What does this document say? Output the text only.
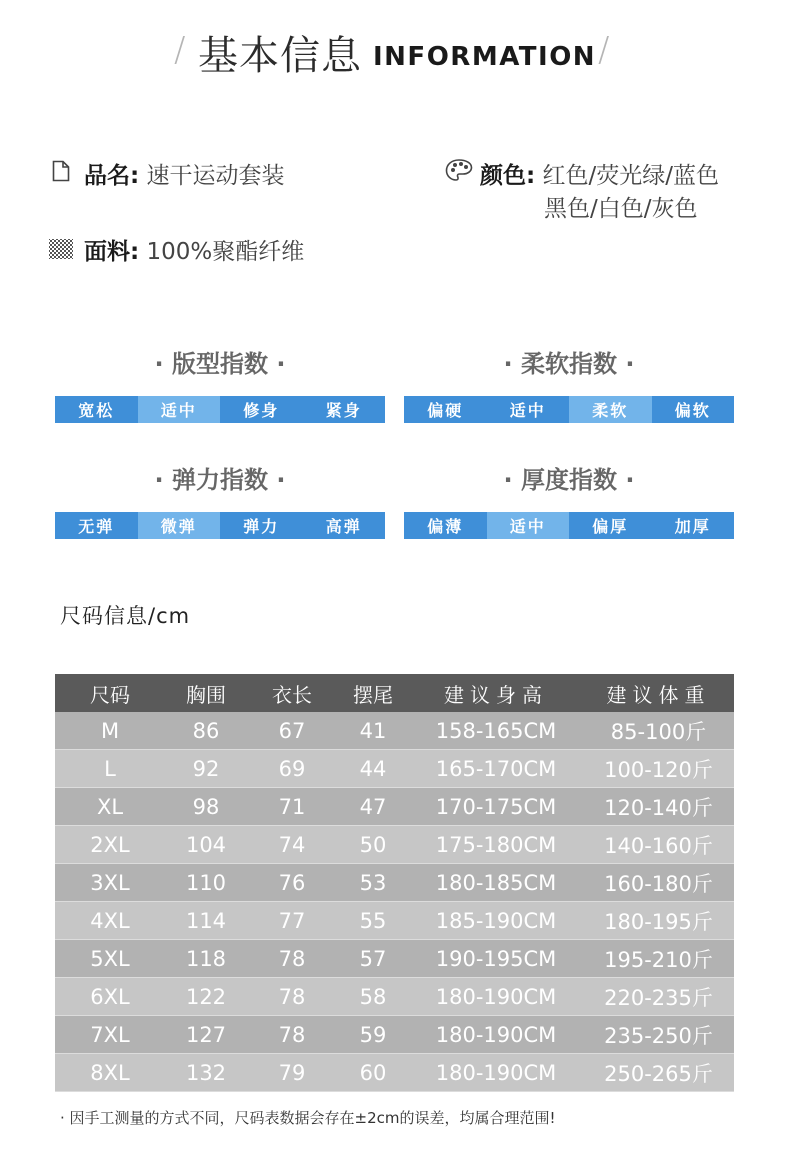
/ 基本信息 INFORMATION /
品名: 速干运动套装	颜色: 红色/荧光绿/蓝色
黑色/白色/灰色
面料: 100%聚酯纤维
· 版型指数 ·
宽松	适中	修身	紧身
· 柔软指数 ·
偏硬	适中	柔软	偏软
· 弹力指数 ·
无弹	微弹	弹力	高弹
· 厚度指数 ·
偏薄	适中	偏厚	加厚
尺码信息/cm
尺码	胸围	衣长	摆尾	建议身高	建议体重
M	86	67	41	158-165CM	85-100斤
L	92	69	44	165-170CM	100-120斤
XL	98	71	47	170-175CM	120-140斤
2XL	104	74	50	175-180CM	140-160斤
3XL	110	76	53	180-185CM	160-180斤
4XL	114	77	55	185-190CM	180-195斤
5XL	118	78	57	190-195CM	195-210斤
6XL	122	78	58	180-190CM	220-235斤
7XL	127	78	59	180-190CM	235-250斤
8XL	132	79	60	180-190CM	250-265斤
· 因手工测量的方式不同，尺码表数据会存在±2cm的误差，均属合理范围!
